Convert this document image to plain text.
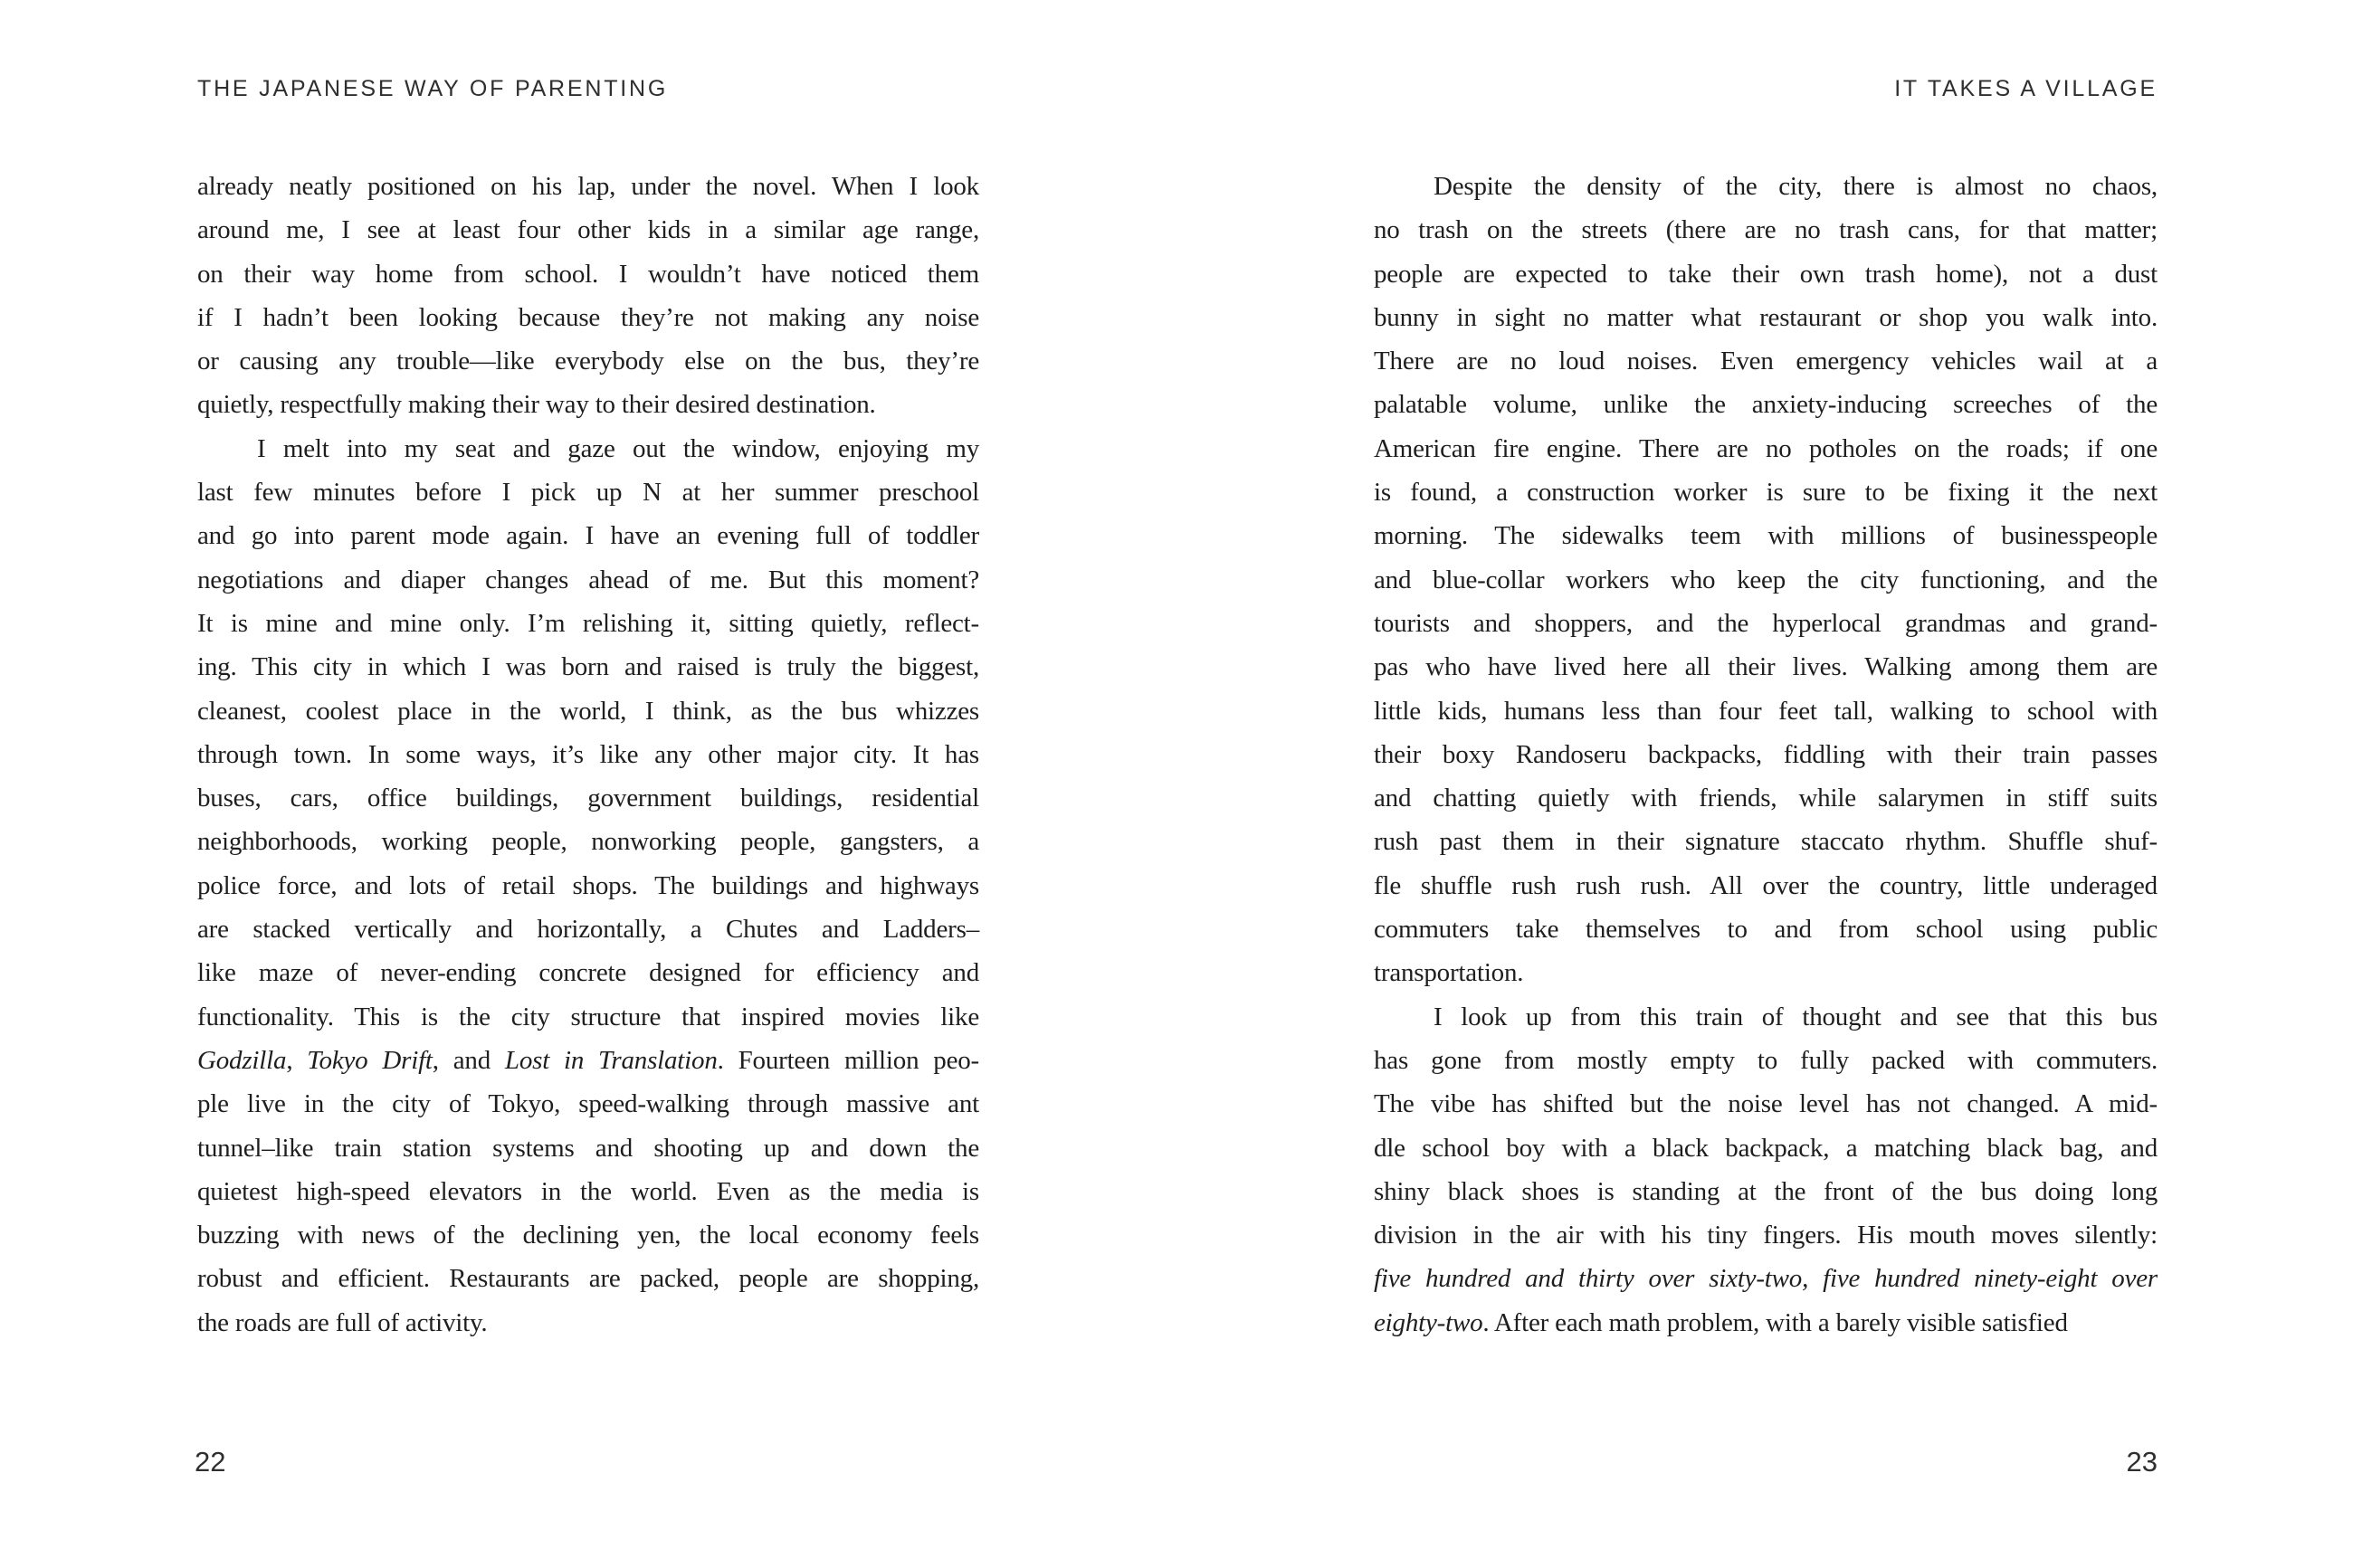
THE JAPANESE WAY OF PARENTING
already neatly positioned on his lap, under the novel. When I look
around me, I see at least four other kids in a similar age range,
on their way home from school. I wouldn’t have noticed them
if I hadn’t been looking because they’re not making any noise
or causing any trouble—like everybody else on the bus, they’re
quietly, respectfully making their way to their desired destination.
I melt into my seat and gaze out the window, enjoying my
last few minutes before I pick up N at her summer preschool
and go into parent mode again. I have an evening full of toddler
negotiations and diaper changes ahead of me. But this moment?
It is mine and mine only. I’m relishing it, sitting quietly, reflect-
ing. This city in which I was born and raised is truly the biggest,
cleanest, coolest place in the world, I think, as the bus whizzes
through town. In some ways, it’s like any other major city. It has
buses, cars, office buildings, government buildings, residential
neighborhoods, working people, nonworking people, gangsters, a
police force, and lots of retail shops. The buildings and highways
are stacked vertically and horizontally, a Chutes and Ladders–
like maze of never-ending concrete designed for efficiency and
functionality. This is the city structure that inspired movies like
Godzilla, Tokyo Drift, and Lost in Translation. Fourteen million peo-
ple live in the city of Tokyo, speed-walking through massive ant
tunnel–like train station systems and shooting up and down the
quietest high-speed elevators in the world. Even as the media is
buzzing with news of the declining yen, the local economy feels
robust and efficient. Restaurants are packed, people are shopping,
the roads are full of activity.
22
IT TAKES A VILLAGE
Despite the density of the city, there is almost no chaos,
no trash on the streets (there are no trash cans, for that matter;
people are expected to take their own trash home), not a dust
bunny in sight no matter what restaurant or shop you walk into.
There are no loud noises. Even emergency vehicles wail at a
palatable volume, unlike the anxiety-inducing screeches of the
American fire engine. There are no potholes on the roads; if one
is found, a construction worker is sure to be fixing it the next
morning. The sidewalks teem with millions of businesspeople
and blue-collar workers who keep the city functioning, and the
tourists and shoppers, and the hyperlocal grandmas and grand-
pas who have lived here all their lives. Walking among them are
little kids, humans less than four feet tall, walking to school with
their boxy Randoseru backpacks, fiddling with their train passes
and chatting quietly with friends, while salarymen in stiff suits
rush past them in their signature staccato rhythm. Shuffle shuf-
fle shuffle rush rush rush. All over the country, little underaged
commuters take themselves to and from school using public
transportation.
I look up from this train of thought and see that this bus
has gone from mostly empty to fully packed with commuters.
The vibe has shifted but the noise level has not changed. A mid-
dle school boy with a black backpack, a matching black bag, and
shiny black shoes is standing at the front of the bus doing long
division in the air with his tiny fingers. His mouth moves silently:
five hundred and thirty over sixty-two, five hundred ninety-eight over
eighty-two. After each math problem, with a barely visible satisfied
23
